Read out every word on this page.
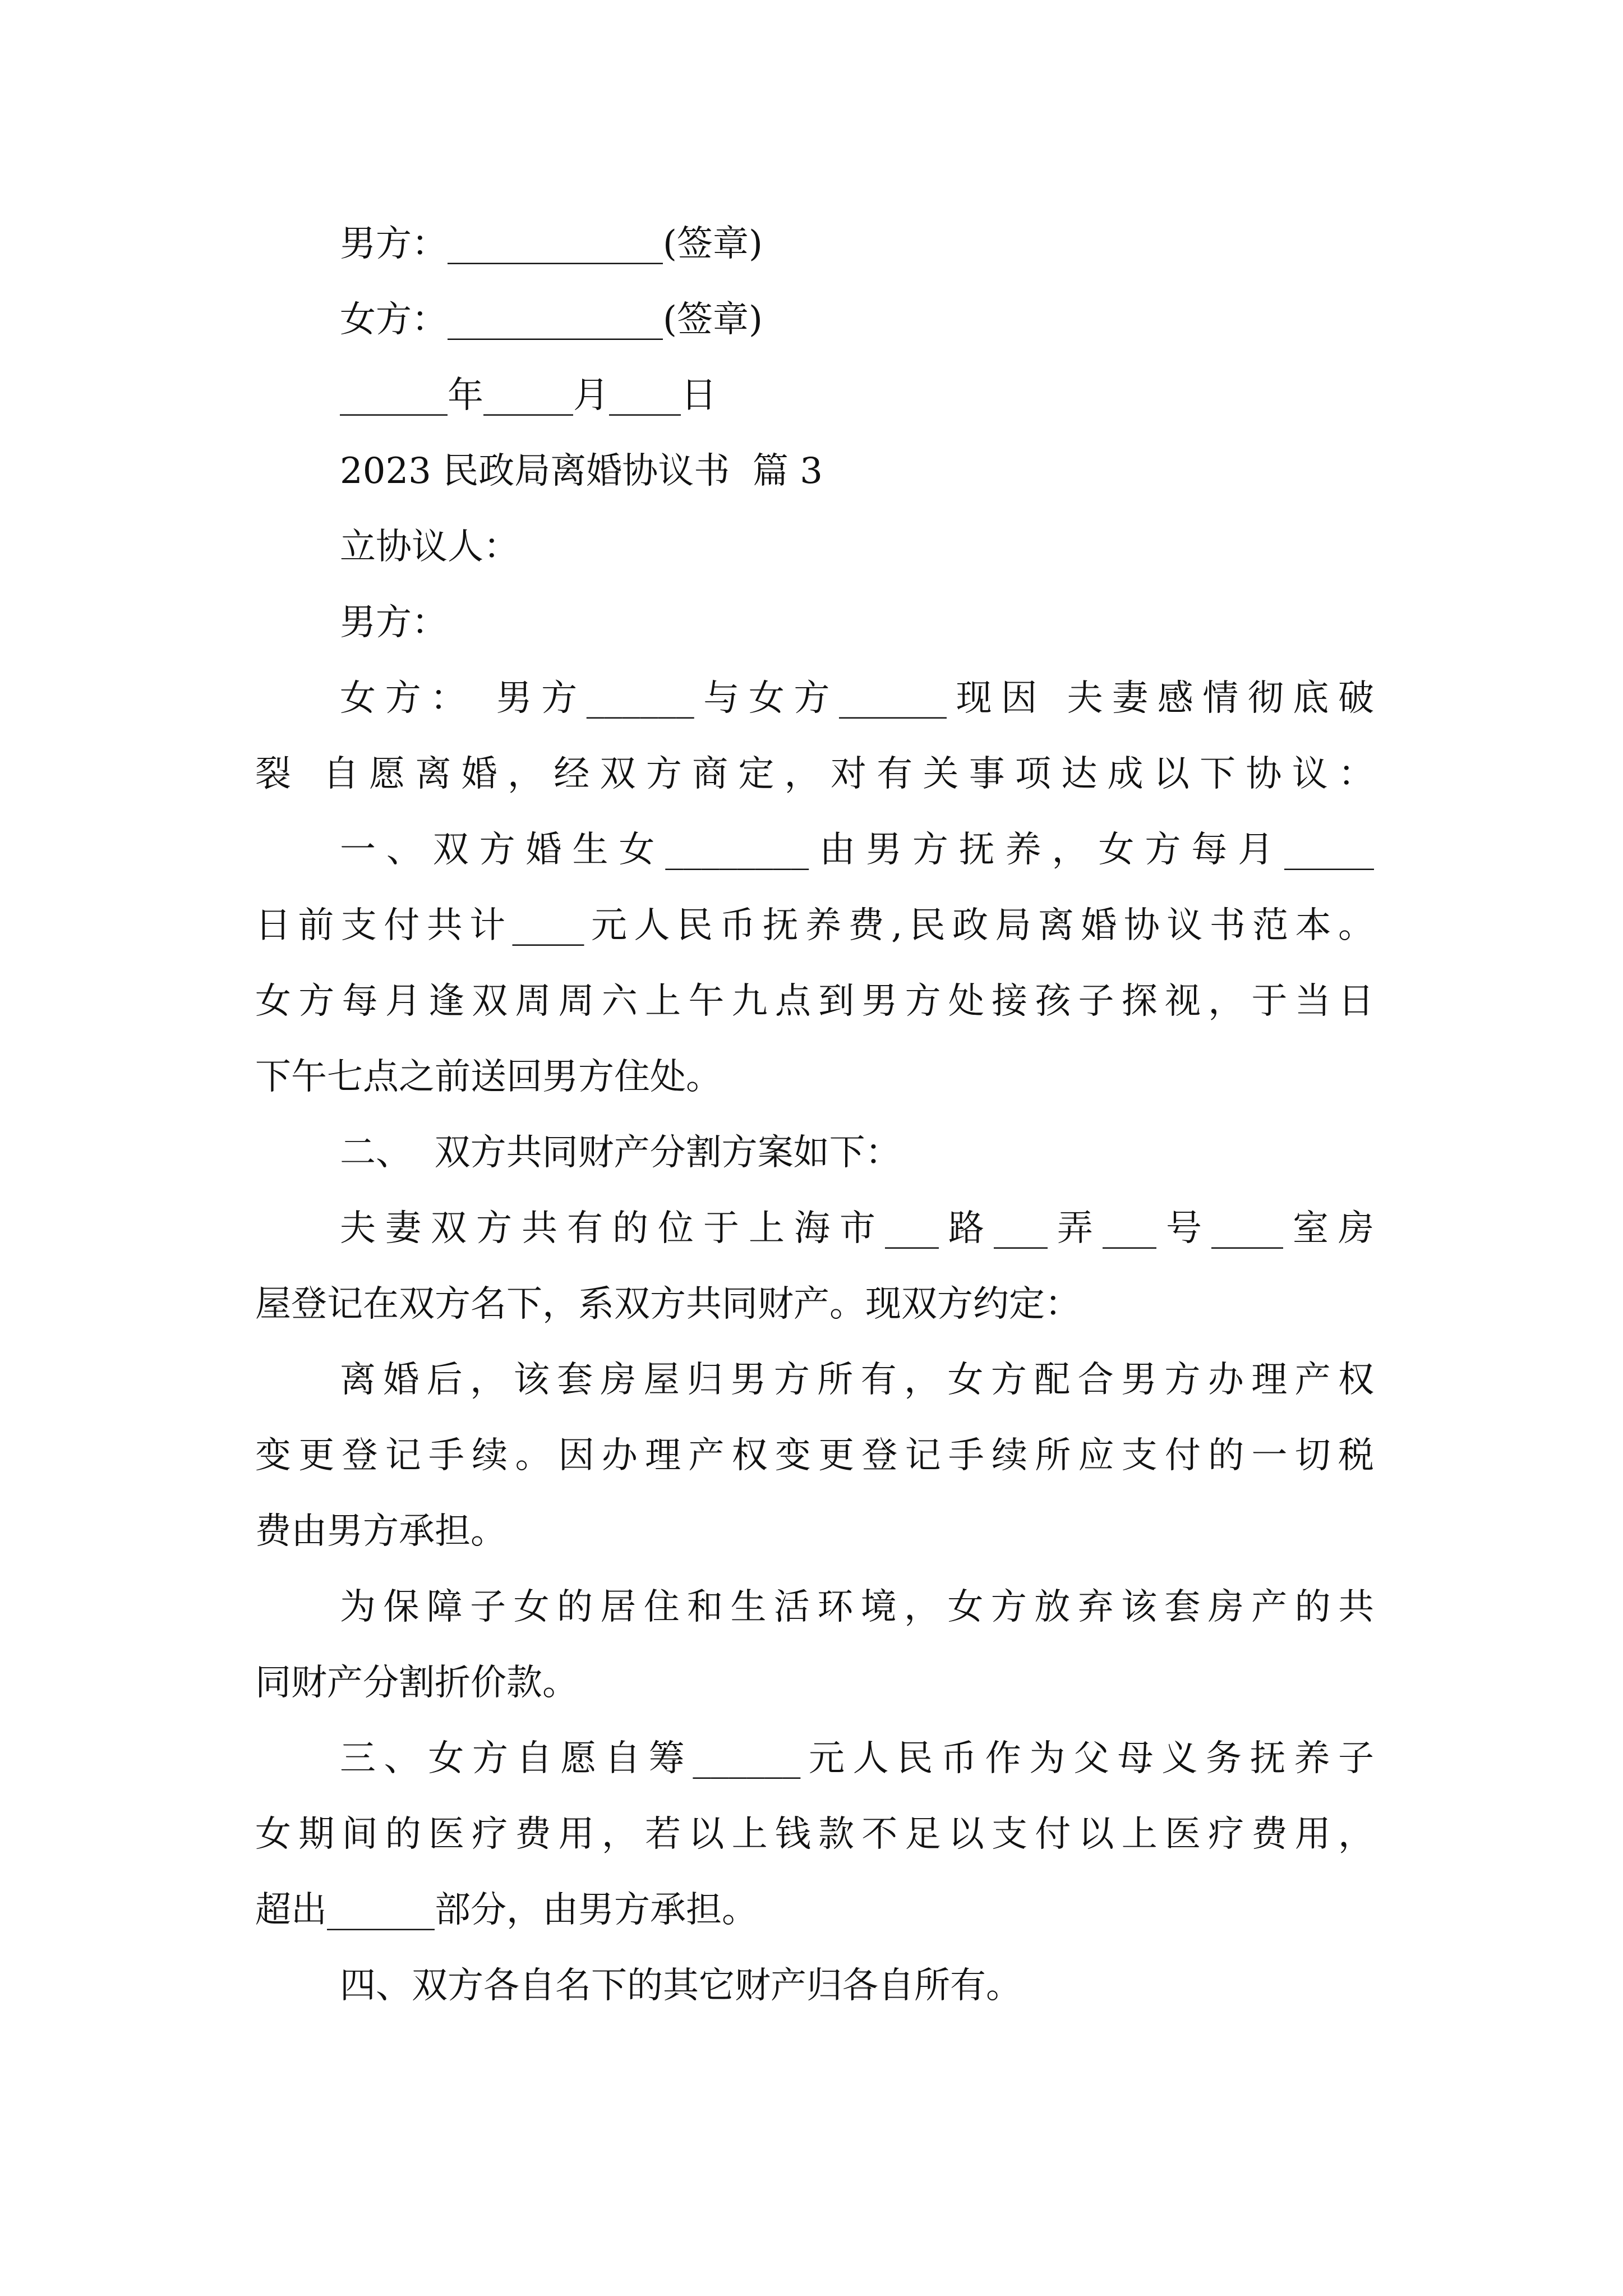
男方：____________(签章)
女方：____________(签章)
______年_____月____日
2023 民政局离婚协议书  篇 3
立协议人：
男方：
女方： 男方______与女方______现因 夫妻感情彻底破
裂 自愿离婚，经双方商定，对有关事项达成以下协议：
一、双方婚生女________由男方抚养，女方每月_____
日前支付共计____元人民币抚养费,民政局离婚协议书范本。
女方每月逢双周周六上午九点到男方处接孩子探视，于当日
下午七点之前送回男方住处。
二、  双方共同财产分割方案如下：
夫妻双方共有的位于上海市___路___弄___号____室房
屋登记在双方名下，系双方共同财产。现双方约定：
离婚后，该套房屋归男方所有，女方配合男方办理产权
变更登记手续。因办理产权变更登记手续所应支付的一切税
费由男方承担。
为保障子女的居住和生活环境，女方放弃该套房产的共
同财产分割折价款。
三、女方自愿自筹______元人民币作为父母义务抚养子
女期间的医疗费用，若以上钱款不足以支付以上医疗费用，
超出______部分，由男方承担。
四、双方各自名下的其它财产归各自所有。
